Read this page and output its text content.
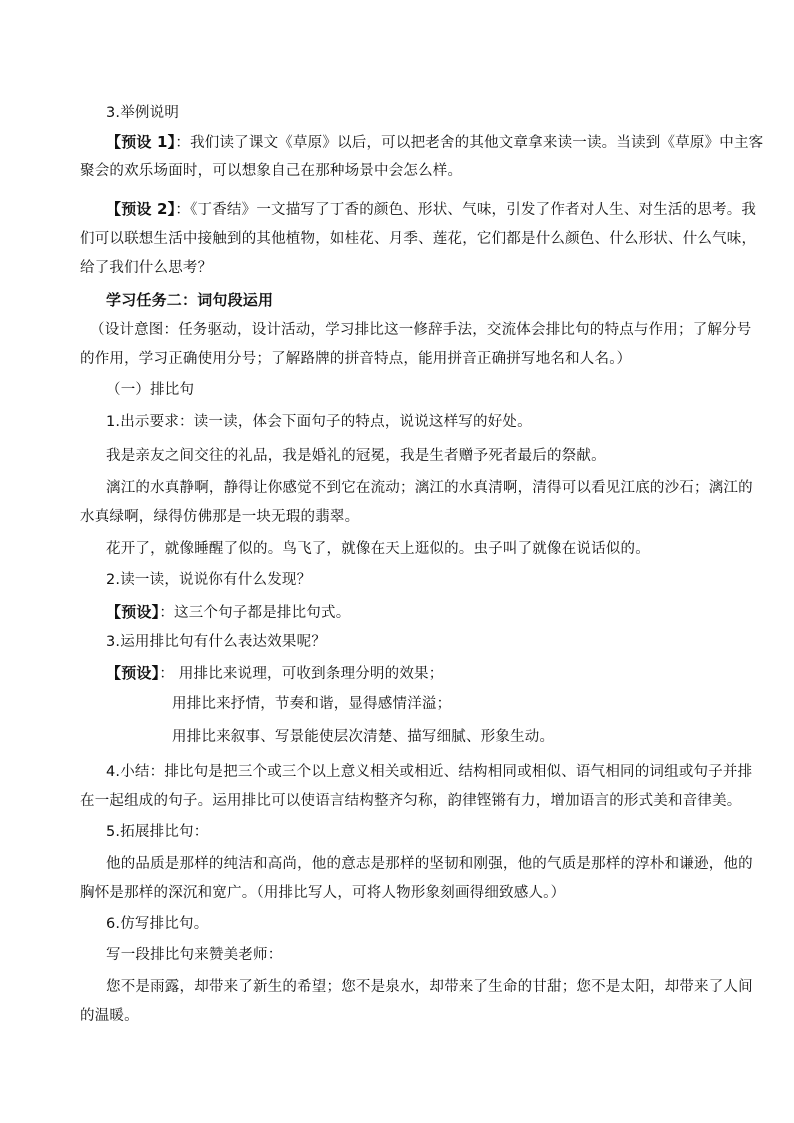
3.举例说明
【预设 1】：我们读了课文《草原》以后，可以把老舍的其他文章拿来读一读。当读到《草原》中主客
聚会的欢乐场面时，可以想象自己在那种场景中会怎么样。
【预设 2】：《丁香结》一文描写了丁香的颜色、形状、气味，引发了作者对人生、对生活的思考。我
们可以联想生活中接触到的其他植物，如桂花、月季、莲花，它们都是什么颜色、什么形状、什么气味，
给了我们什么思考？
学习任务二：词句段运用
（设计意图：任务驱动，设计活动，学习排比这一修辞手法，交流体会排比句的特点与作用；了解分号
的作用，学习正确使用分号；了解路牌的拼音特点，能用拼音正确拼写地名和人名。）
（一）排比句
1.出示要求：读一读，体会下面句子的特点，说说这样写的好处。
我是亲友之间交往的礼品，我是婚礼的冠冕，我是生者赠予死者最后的祭献。
漓江的水真静啊，静得让你感觉不到它在流动；漓江的水真清啊，清得可以看见江底的沙石；漓江的
水真绿啊，绿得仿佛那是一块无瑕的翡翠。
花开了，就像睡醒了似的。鸟飞了，就像在天上逛似的。虫子叫了就像在说话似的。
2.读一读，说说你有什么发现？
【预设】：这三个句子都是排比句式。
3.运用排比句有什么表达效果呢？
【预设】： 用排比来说理，可收到条理分明的效果；
用排比来抒情，节奏和谐，显得感情洋溢；
用排比来叙事、写景能使层次清楚、描写细腻、形象生动。
4.小结：排比句是把三个或三个以上意义相关或相近、结构相同或相似、语气相同的词组或句子并排
在一起组成的句子。运用排比可以使语言结构整齐匀称，韵律铿锵有力，增加语言的形式美和音律美。
5.拓展排比句：
他的品质是那样的纯洁和高尚，他的意志是那样的坚韧和刚强，他的气质是那样的淳朴和谦逊，他的
胸怀是那样的深沉和宽广。（用排比写人，可将人物形象刻画得细致感人。）
6.仿写排比句。
写一段排比句来赞美老师：
您不是雨露，却带来了新生的希望；您不是泉水，却带来了生命的甘甜；您不是太阳，却带来了人间
的温暖。
